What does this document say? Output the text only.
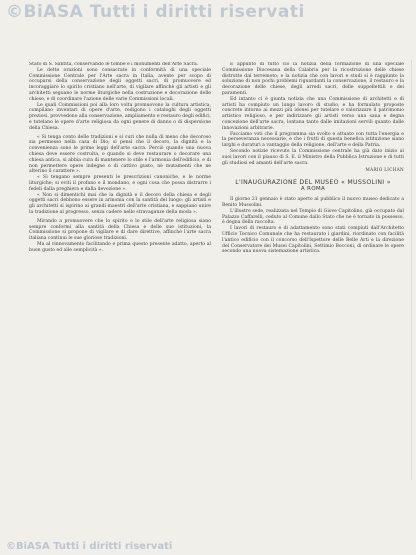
©BiASA Tutti i diritti riservati

Stato di S. Santità, conservando le tombe e i monumenti dell'Arte Sacra.

Le dette orazioni sono consacrate in conformità di una speciale Commissione Centrale per l'Arte sacra in Italia, avente per scopo di occuparsi della conservazione degli oggetti sacri, di promuovere ed incoraggiare lo spirito cristiano nell'arte, di vigilare affinchè gli artisti e gli architetti seguano le norme liturgiche nella costruzione e decorazione delle chiese, e di coordinare l'azione delle varie Commissioni locali.

Le quali Commissioni poi alla loro volta promuovono la cultura artistica, compilano inventari di opere d'arte, redigono i cataloghi degli oggetti preziosi, provvedono alla conservazione, ampliamento e restauro degli edifici, e tutelano le opere d'arte religiosa da ogni genere di danno o di dispersione della Chiesa.

« Si tenga conto delle tradizioni e si curi che nulla di meno che decoroso sia permesso nella casa di Dio; si pensi che il decoro, la dignità e la convenienza sono le prime leggi dell'arte sacra. Perciò quando una nuova chiesa deve essere costruita, o quando si deve restaurare o decorare una chiesa antica, si abbia cura di mantenere lo stile e l'armonia dell'edificio, e di non permettere opere indegne o di cattivo gusto, nè mutamenti che ne alterino il carattere ».

« Si tengano sempre presenti le prescrizioni canoniche, e le norme liturgiche; si eviti il profano e il mondano, e ogni cosa che possa distrarre i fedeli dalla preghiera e dalla devozione ».

« Non si dimentichi mai che la dignità e il decoro della chiesa e degli oggetti sacri debbono essere in armonia con la santità del luogo; gli artisti e gli architetti si ispirino ai grandi maestri dell'arte cristiana, e sappiano unire la tradizione al progresso, senza cadere nelle stravaganze della moda ».

Mirando a promuovere che lo spirito e lo stile dell'arte religiosa siano sempre conformi alla santità della Chiesa e delle sue istituzioni, la Commissione si propone di vigilare e di dare direttive, affinchè l'arte sacra italiana continui le sue gloriose tradizioni.

Ma al rinnovamento facilitando e prima questo presente adatto, aperto al buon gusto ed alle semplicità ».

E appunto di tutto ciò la notizia della formazione di una speciale Commissione Diocesana della Calabria per la ricostruzione delle chiese distrutte dal terremoto; e la notizia che con lavori e studi si è raggiunto la soluzione di non pochi problemi riguardanti la conservazione, il restauro e la decorazione delle chiese, degli arredi sacri, delle suppellettili e dei paramenti.

Ed intanto ci è giunta notizia che una Commissione di architetti e di artisti ha compiuto un lungo lavoro di studio, e ha formulato proposte concrete intorno ai mezzi più idonei per tutelare e valorizzare il patrimonio artistico religioso, e per indirizzare gli artisti verso una sana e degna concezione dell'arte sacra, lontana tanto dalle imitazioni servili quanto dalle innovazioni arbitrarie.

Facciamo voti che il programma sia svolto e attuato con tutta l'energia e la perseveranza necessarie, e che i frutti di questa benefica istituzione siano larghi e duraturi a vantaggio della religione, dell'arte e della Patria.

Secondo notizie ricevute la Commissione centrale ha già dato inizio ai suoi lavori con il plauso di S. E. il Ministro della Pubblica Istruzione e di tutti gli studiosi ed amanti dell'arte sacra.

MARIO LICHAN
L'INAUGURAZIONE DEL MUSEO « MUSSOLINI »
A ROMA

Il giorno 21 gennaio è stato aperto al pubblico il nuovo museo dedicato a Benito Mussolini.

L'illustre sede, realizzata nel Tempio di Giove Capitolino, già occupato dal Palazzo Caffarelli, ceduto al Comune dallo Stato che ne è tornato in possesso, è degna della raccolta.

I lavori di restauro e di adattamento sono stati compiuti dall'Architetto Ufficio Tecnico Comunale che ha restaurato i giardini, riordinato con facilità l'antico edificio con il concorso dell'Ispettore delle Belle Arti e la direzione del Conservatore dei Musei Capitolini, Settimio Bocconi, di ordinare le opere secondo una nuova sistemazione artistica.

©BiASA Tutti i diritti riservati
